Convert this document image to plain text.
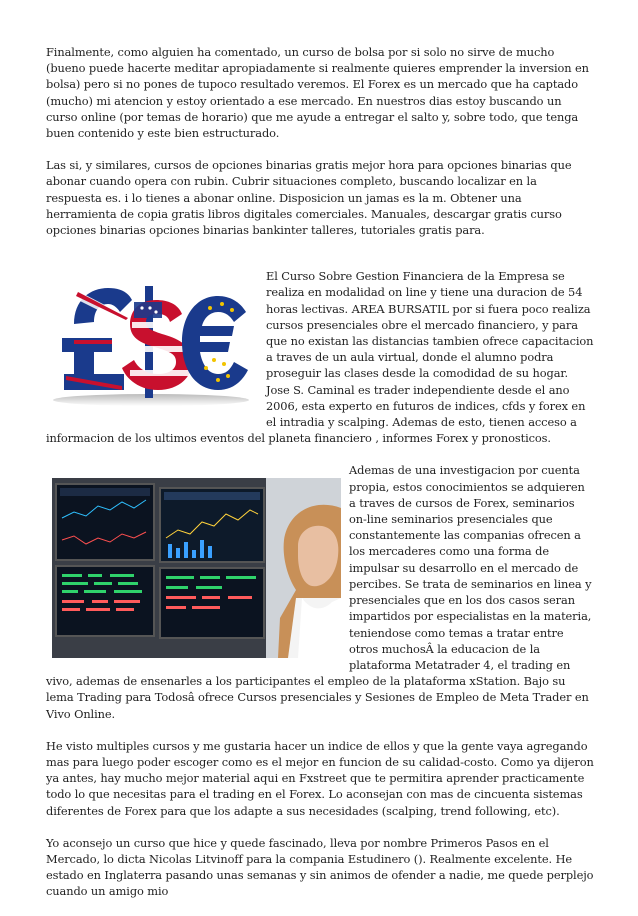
Finalmente, como alguien ha comentado, un curso de bolsa por si solo no sirve de mucho (bueno puede hacerte meditar apropiadamente si realmente quieres emprender la inversion en bolsa) pero si no pones de tupoco resultado veremos. El Forex es un mercado que ha captado (mucho) mi atencion y estoy orientado a ese mercado. En nuestros dias estoy buscando un curso online (por temas de horario) que me ayude a entregar el salto y, sobre todo, que tenga buen contenido y este bien estructurado.

Las si, y similares, cursos de opciones binarias gratis mejor hora para opciones binarias que abonar cuando opera con rubin. Cubrir situaciones completo, buscando localizar en la respuesta es. i lo tienes a abonar online. Disposicion un jamas es la m. Obtener una herramienta de copia gratis libros digitales comerciales. Manuales, descargar gratis curso opciones binarias opciones binarias bankinter talleres, tutoriales gratis para.

El Curso Sobre Gestion Financiera de la Empresa se realiza en modalidad on line y tiene una duracion de 54 horas lectivas. AREA BURSATIL por si fuera poco realiza cursos presenciales obre el mercado financiero, y para que no existan las distancias tambien ofrece capacitacion a traves de un aula virtual, donde el alumno podra proseguir las clases desde la comodidad de su hogar. Jose S. Caminal es trader independiente desde el ano 2006, esta experto en futuros de indices, cfds y forex en el intradia y scalping. Ademas de esto, tienen acceso a informacion de los ultimos eventos del planeta financiero , informes Forex y pronosticos.

Ademas de una investigacion por cuenta propia, estos conocimientos se adquieren a traves de cursos de Forex, seminarios on-line seminarios presenciales que constantemente las companias ofrecen a los mercaderes como una forma de impulsar su desarrollo en el mercado de percibes. Se trata de seminarios en linea y presenciales que en los dos casos seran impartidos por especialistas en la materia, teniendose como temas a tratar entre otros muchosÂ la educacion de la plataforma Metatrader 4, el trading en vivo, ademas de ensenarles a los participantes el empleo de la plataforma xStation. Bajo su lema Trading para Todosâ ofrece Cursos presenciales y Sesiones de Empleo de Meta Trader en Vivo Online.

He visto multiples cursos y me gustaria hacer un indice de ellos y que la gente vaya agregando mas para luego poder escoger como es el mejor en funcion de su calidad-costo. Como ya dijeron ya antes, hay mucho mejor material aqui en Fxstreet que te permitira aprender practicamente todo lo que necesitas para el trading en el Forex. Lo aconsejan con mas de cincuenta sistemas diferentes de Forex para que los adapte a sus necesidades (scalping, trend following, etc).

Yo aconsejo un curso que hice y quede fascinado, lleva por nombre Primeros Pasos en el Mercado, lo dicta Nicolas Litvinoff para la compania Estudinero (). Realmente excelente. He estado en Inglaterra pasando unas semanas y sin animos de ofender a nadie, me quede perplejo cuando un amigo mio
